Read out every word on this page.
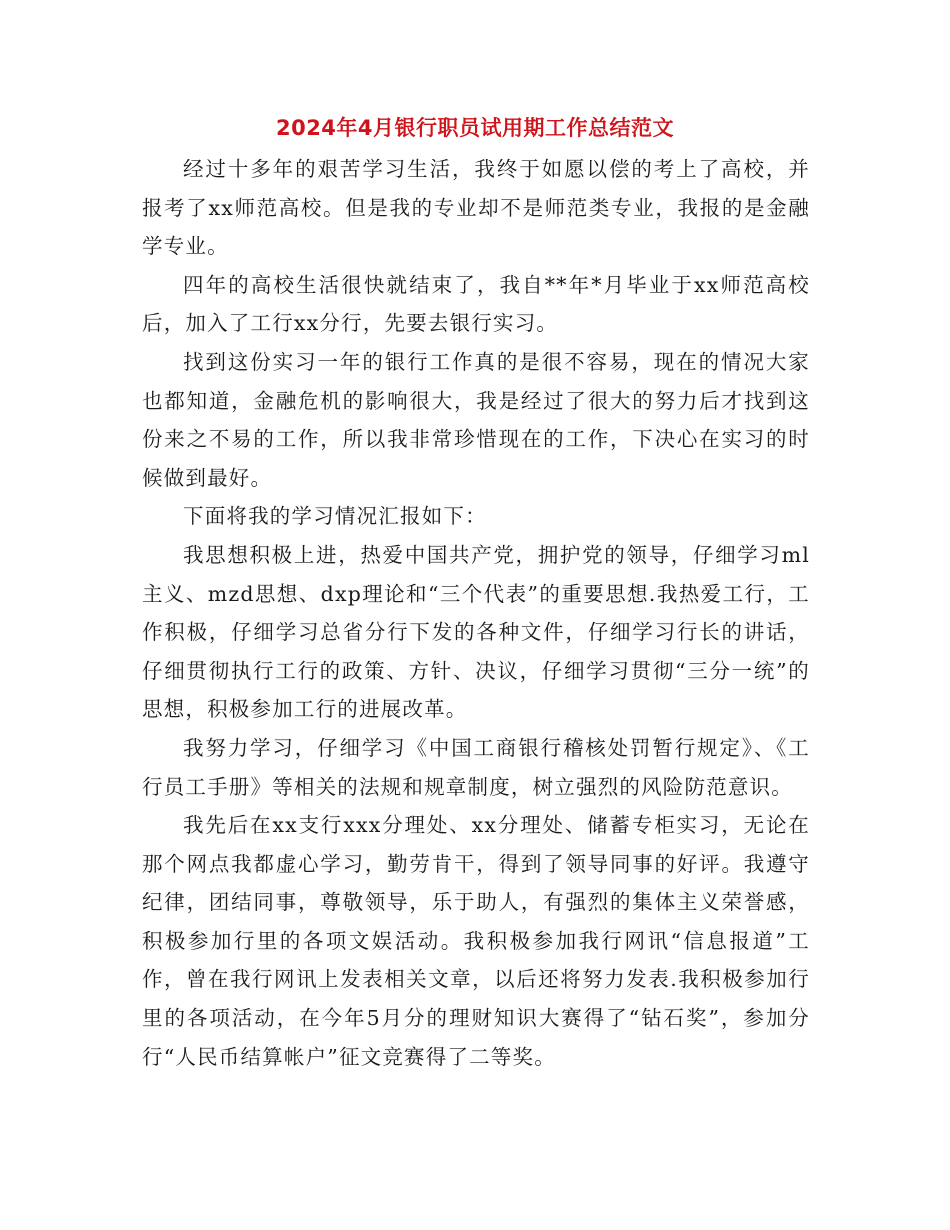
2024年4月银行职员试用期工作总结范文

经过十多年的艰苦学习生活，我终于如愿以偿的考上了高校，并报考了xx师范高校。但是我的专业却不是师范类专业，我报的是金融学专业。

四年的高校生活很快就结束了，我自**年*月毕业于xx师范高校后，加入了工行xx分行，先要去银行实习。

找到这份实习一年的银行工作真的是很不容易，现在的情况大家也都知道，金融危机的影响很大，我是经过了很大的努力后才找到这份来之不易的工作，所以我非常珍惜现在的工作，下决心在实习的时候做到最好。

下面将我的学习情况汇报如下：

我思想积极上进，热爱中国共产党，拥护党的领导，仔细学习ml主义、mzd思想、dxp理论和“三个代表”的重要思想.我热爱工行，工作积极，仔细学习总省分行下发的各种文件，仔细学习行长的讲话，仔细贯彻执行工行的政策、方针、决议，仔细学习贯彻“三分一统”的思想，积极参加工行的进展改革。

我努力学习，仔细学习《中国工商银行稽核处罚暂行规定》、《工行员工手册》等相关的法规和规章制度，树立强烈的风险防范意识。

我先后在xx支行xxx分理处、xx分理处、储蓄专柜实习，无论在那个网点我都虚心学习，勤劳肯干，得到了领导同事的好评。我遵守纪律，团结同事，尊敬领导，乐于助人，有强烈的集体主义荣誉感，积极参加行里的各项文娱活动。我积极参加我行网讯“信息报道”工作，曾在我行网讯上发表相关文章，以后还将努力发表.我积极参加行里的各项活动，在今年5月分的理财知识大赛得了“钻石奖”，参加分行“人民币结算帐户”征文竞赛得了二等奖。
